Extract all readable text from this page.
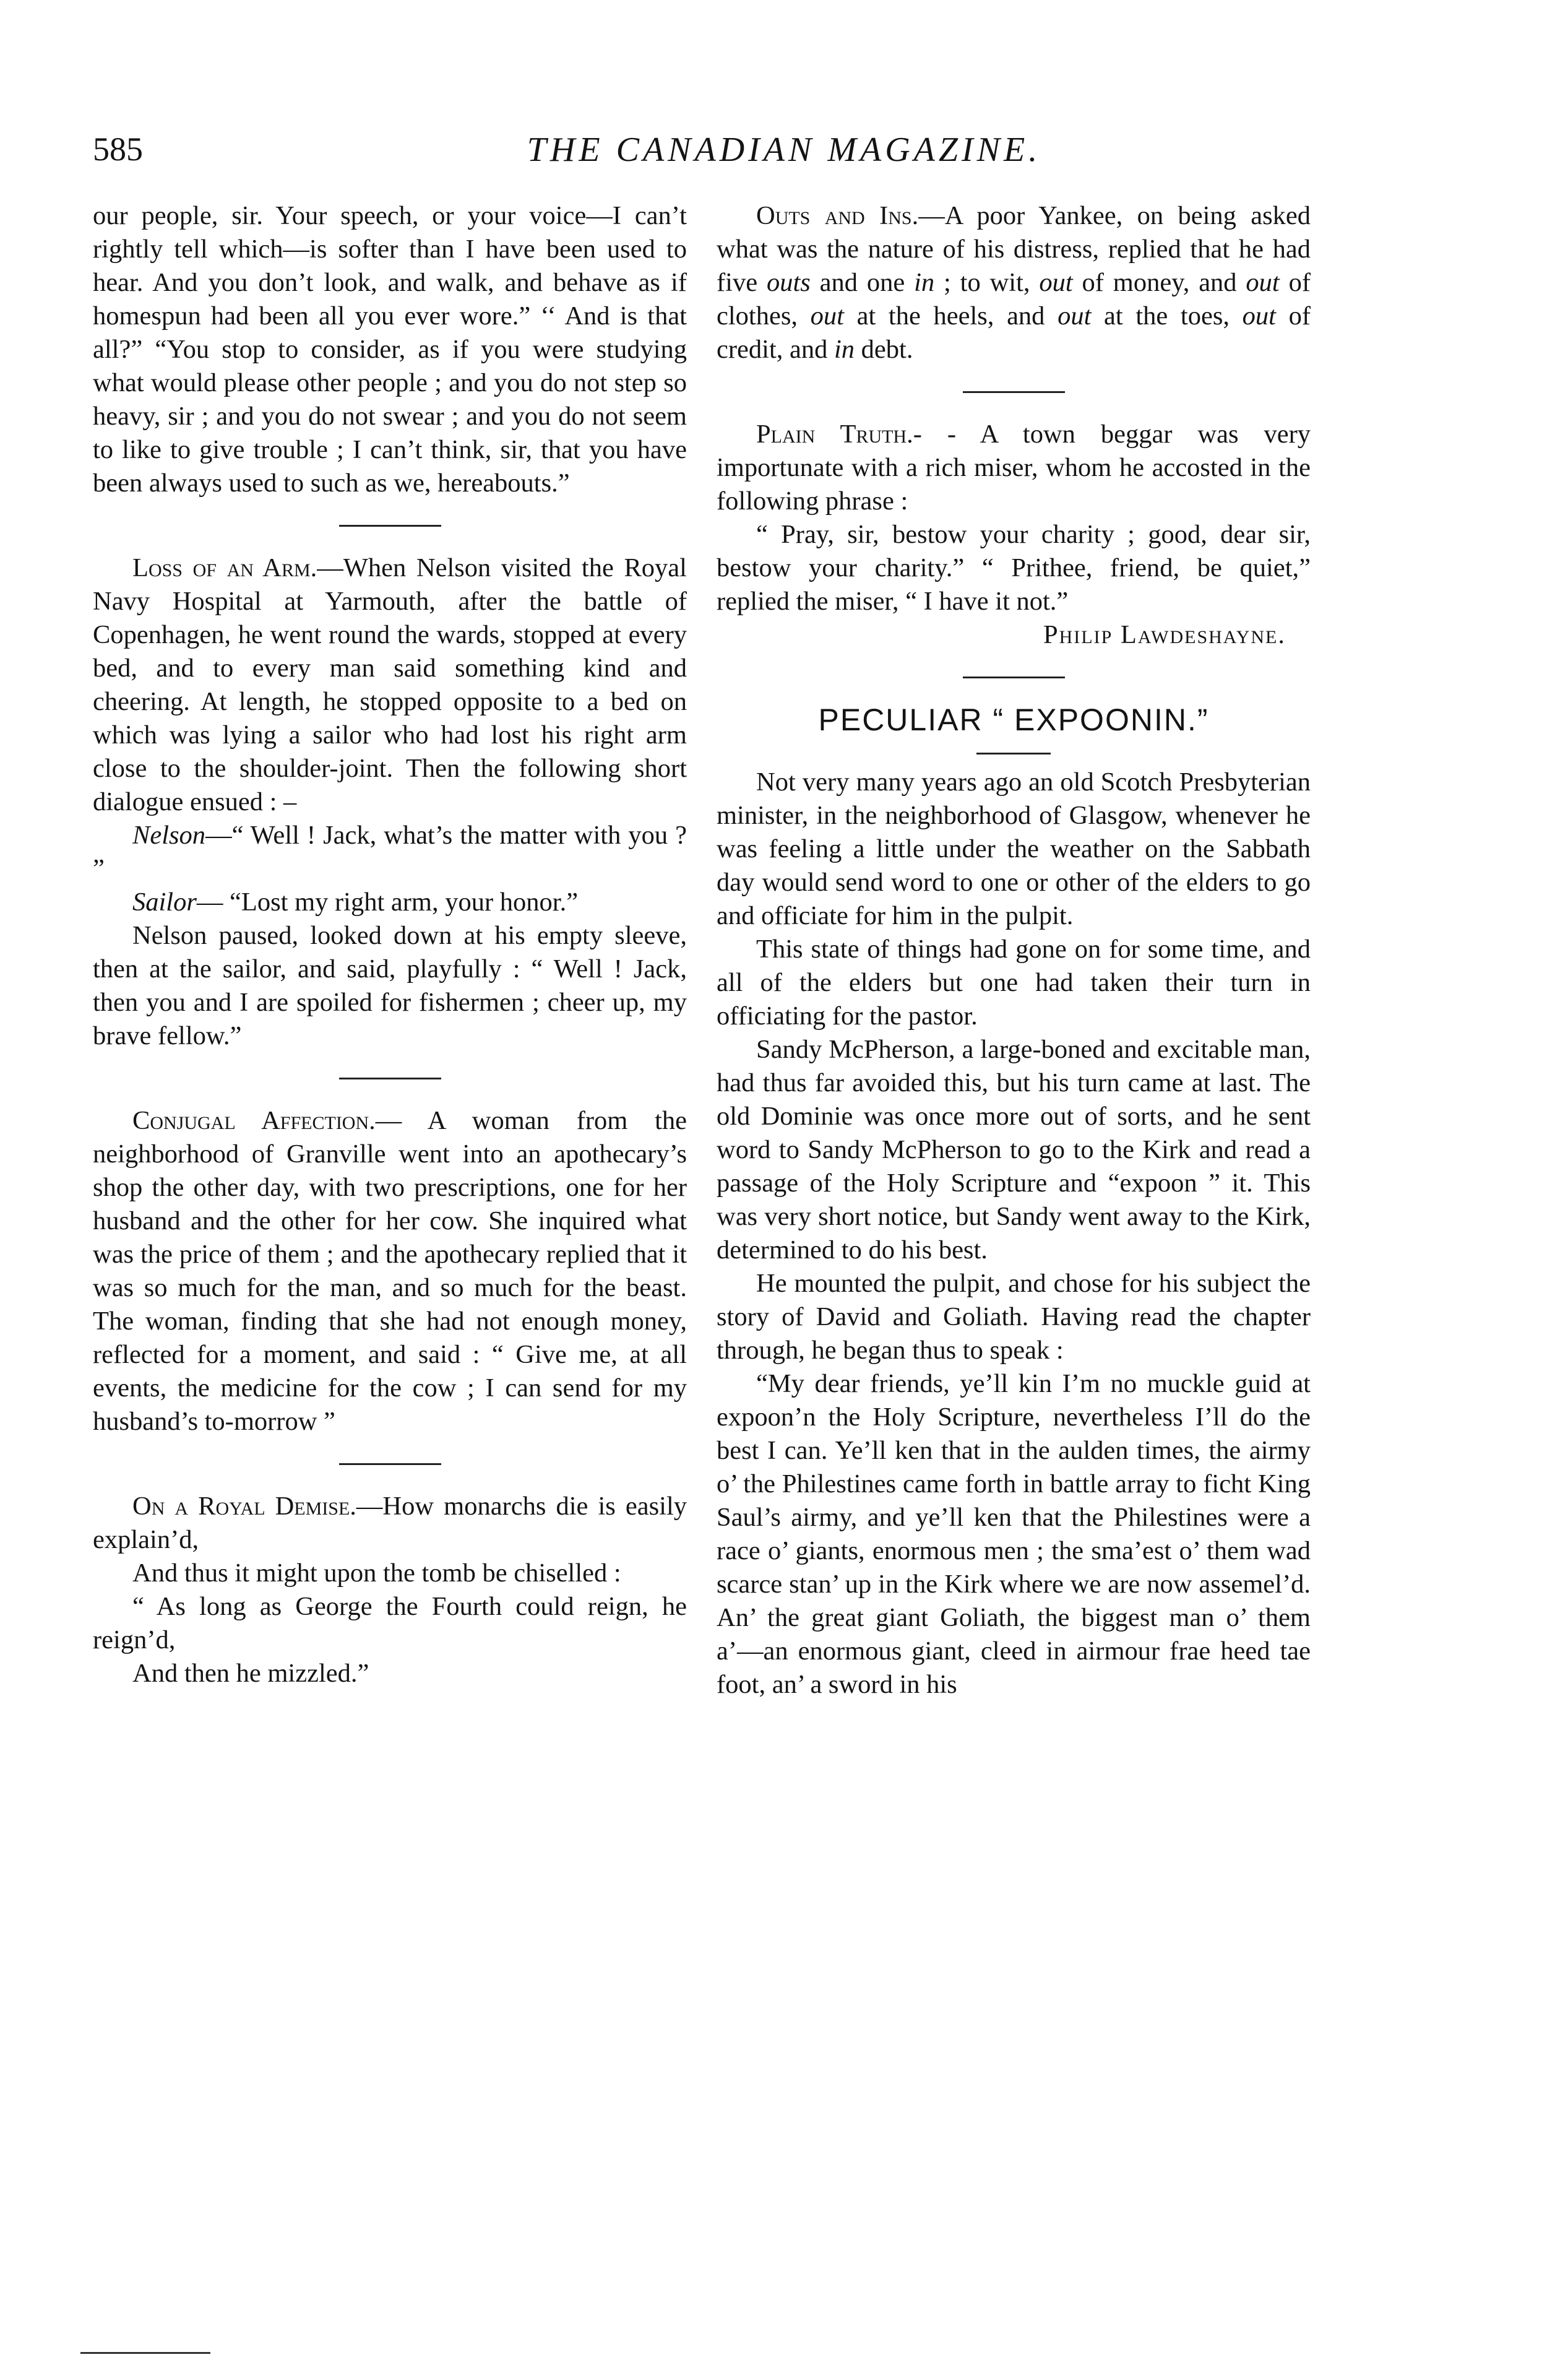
585	THE CANADIAN MAGAZINE.

our people, sir. Your speech, or your voice—I can’t rightly tell which—is softer than I have been used to hear. And you don’t look, and walk, and behave as if homespun had been all you ever wore.” ‘‘ And is that all?” “You stop to consider, as if you were studying what would please other people ; and you do not step so heavy, sir ; and you do not swear ; and you do not seem to like to give trouble ; I can’t think, sir, that you have been always used to such as we, hereabouts.”

Loss of an Arm.—When Nelson visited the Royal Navy Hospital at Yarmouth, after the battle of Copenhagen, he went round the wards, stopped at every bed, and to every man said something kind and cheering. At length, he stopped opposite to a bed on which was lying a sailor who had lost his right arm close to the shoulder-joint. Then the following short dialogue ensued : –

Nelson—“ Well ! Jack, what’s the matter with you ? ”

Sailor— “Lost my right arm, your honor.”

Nelson paused, looked down at his empty sleeve, then at the sailor, and said, playfully : “ Well ! Jack, then you and I are spoiled for fishermen ; cheer up, my brave fellow.”

Conjugal Affection.— A woman from the neighborhood of Granville went into an apothecary’s shop the other day, with two prescriptions, one for her husband and the other for her cow. She inquired what was the price of them ; and the apothecary replied that it was so much for the man, and so much for the beast. The woman, finding that she had not enough money, reflected for a moment, and said : “ Give me, at all events, the medicine for the cow ; I can send for my husband’s to-morrow ”

On a Royal Demise.—How monarchs die is easily explain’d,

And thus it might upon the tomb be chiselled :

“ As long as George the Fourth could reign, he reign’d,

And then he mizzled.”

Outs and Ins.—A poor Yankee, on being asked what was the nature of his distress, replied that he had five outs and one in ; to wit, out of money, and out of clothes, out at the heels, and out at the toes, out of credit, and in debt.

Plain Truth.- - A town beggar was very importunate with a rich miser, whom he accosted in the following phrase :

“ Pray, sir, bestow your charity ; good, dear sir, bestow your charity.” “ Prithee, friend, be quiet,” replied the miser, “ I have it not.”

Philip Lawdeshayne.

PECULIAR “ EXPOONIN.”

Not very many years ago an old Scotch Presbyterian minister, in the neighborhood of Glasgow, whenever he was feeling a little under the weather on the Sabbath day would send word to one or other of the elders to go and officiate for him in the pulpit.

This state of things had gone on for some time, and all of the elders but one had taken their turn in officiating for the pastor.

Sandy McPherson, a large-boned and excitable man, had thus far avoided this, but his turn came at last. The old Dominie was once more out of sorts, and he sent word to Sandy McPherson to go to the Kirk and read a passage of the Holy Scripture and “expoon ” it. This was very short notice, but Sandy went away to the Kirk, determined to do his best.

He mounted the pulpit, and chose for his subject the story of David and Goliath. Having read the chapter through, he began thus to speak :

“My dear friends, ye’ll kin I’m no muckle guid at expoon’n the Holy Scripture, nevertheless I’ll do the best I can. Ye’ll ken that in the aulden times, the airmy o’ the Philestines came forth in battle array to ficht King Saul’s airmy, and ye’ll ken that the Philestines were a race o’ giants, enormous men ; the sma’est o’ them wad scarce stan’ up in the Kirk where we are now assemel’d. An’ the great giant Goliath, the biggest man o’ them a’—an enormous giant, cleed in airmour frae heed tae foot, an’ a sword in his
